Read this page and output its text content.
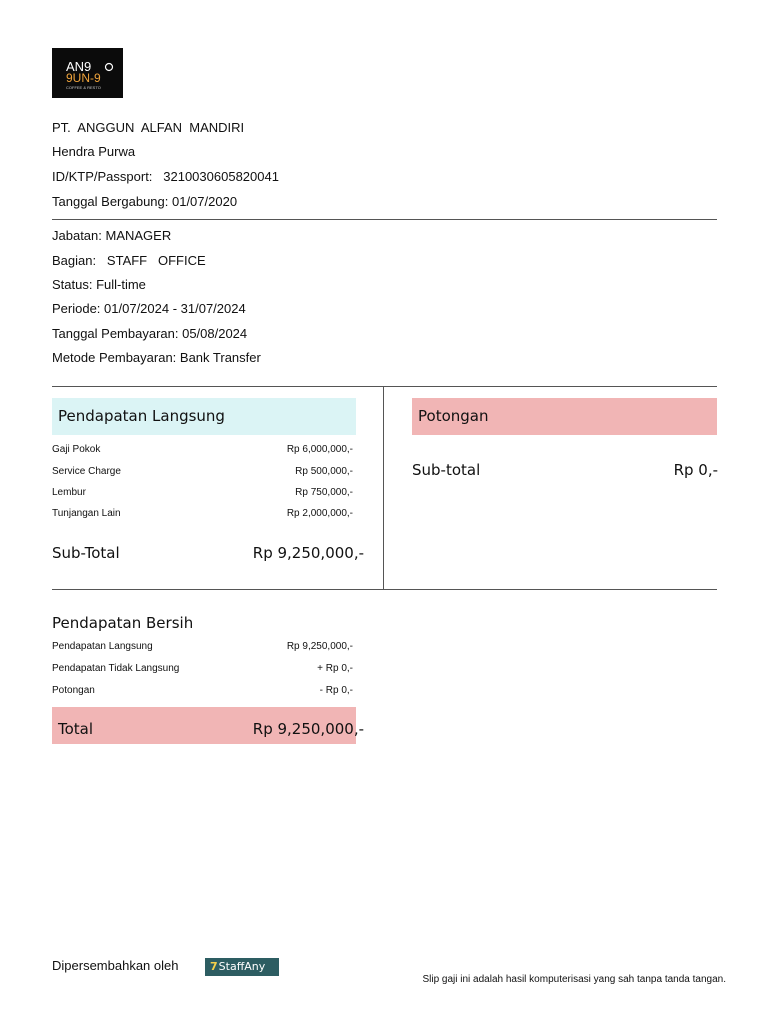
AN9
9UN-9
COFFEE & RESTO
PT.  ANGGUN  ALFAN  MANDIRI
Hendra Purwa
ID/KTP/Passport: 3210030605820041
Tanggal Bergabung: 01/07/2020
Jabatan: MANAGER
Bagian:   STAFF   OFFICE
Status: Full-time
Periode: 01/07/2024 - 31/07/2024
Tanggal Pembayaran: 05/08/2024
Metode Pembayaran: Bank Transfer
Pendapatan Langsung
Gaji Pokok	Rp 6,000,000,-
Service Charge	Rp 500,000,-
Lembur	Rp 750,000,-
Tunjangan Lain	Rp 2,000,000,-
Sub-Total	Rp 9,250,000,-
Potongan
Sub-total	Rp 0,-
Pendapatan Bersih
Pendapatan Langsung	Rp 9,250,000,-
Pendapatan Tidak Langsung	+ Rp 0,-
Potongan	- Rp 0,-
Total	Rp 9,250,000,-
Dipersembahkan oleh	7StaffAny
Slip gaji ini adalah hasil komputerisasi yang sah tanpa tanda tangan.
